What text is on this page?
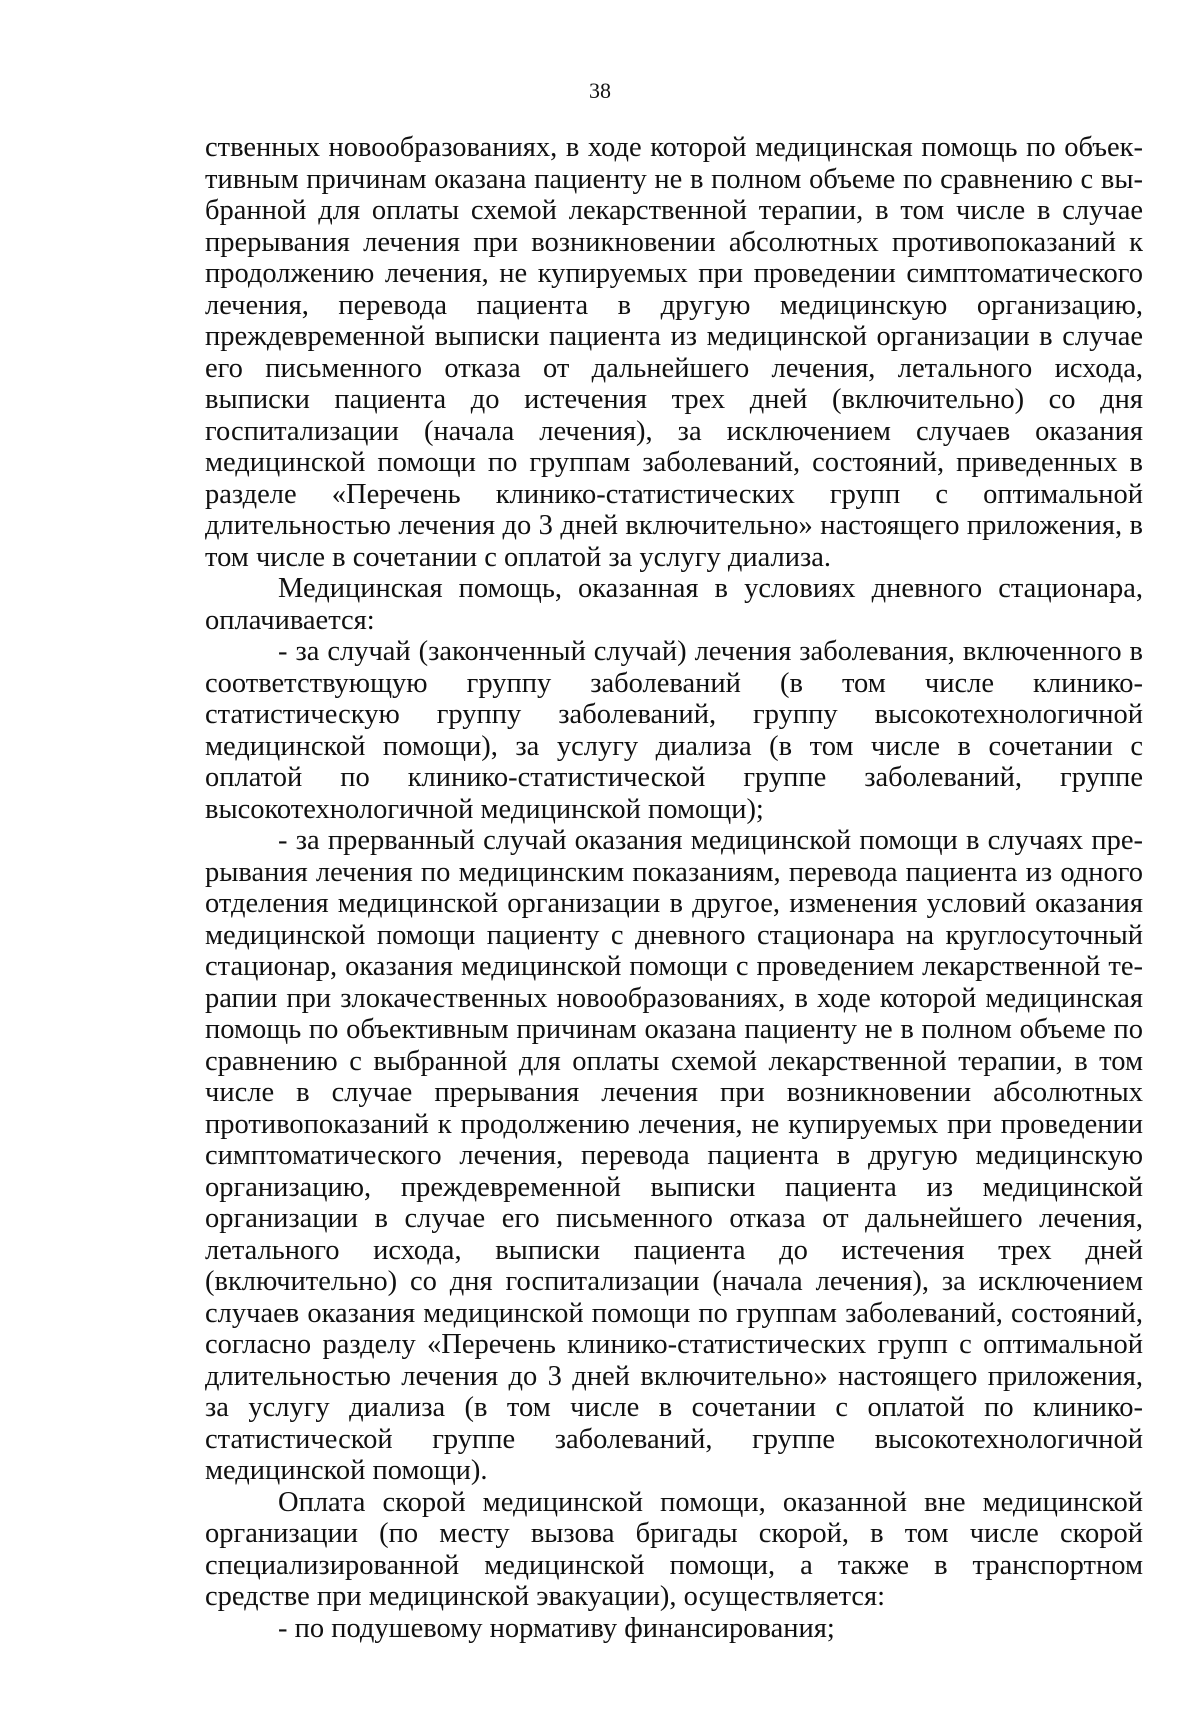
38

ственных новообразованиях, в ходе которой медицинская помощь по объективным причинам оказана пациенту не в полном объеме по сравнению с выбранной для оплаты схемой лекарственной терапии, в том числе в случае прерывания лечения при возникновении абсолютных противопоказаний к продолжению лечения, не купируемых при проведении симптоматического лечения, перевода пациента в другую медицинскую организацию, преждевременной выписки пациента из медицинской организации в случае его письменного отказа от дальнейшего лечения, летального исхода, выписки пациента до истечения трех дней (включительно) со дня госпитализации (начала лечения), за исключением случаев оказания медицинской помощи по группам заболеваний, состояний, приведенных в разделе «Перечень клинико-статистических групп с оптимальной длительностью лечения до 3 дней включительно» настоящего приложения, в том числе в сочетании с оплатой за услугу диализа.

Медицинская помощь, оказанная в условиях дневного стационара, оплачивается:

- за случай (законченный случай) лечения заболевания, включенного в соответствующую группу заболеваний (в том числе клинико-статистическую группу заболеваний, группу высокотехнологичной медицинской помощи), за услугу диализа (в том числе в сочетании с оплатой по клинико-статистической группе заболеваний, группе высокотехнологичной медицинской помощи);

- за прерванный случай оказания медицинской помощи в случаях прерывания лечения по медицинским показаниям, перевода пациента из одного отделения медицинской организации в другое, изменения условий оказания медицинской помощи пациенту с дневного стационара на круглосуточный стационар, оказания медицинской помощи с проведением лекарственной терапии при злокачественных новообразованиях, в ходе которой медицинская помощь по объективным причинам оказана пациенту не в полном объеме по сравнению с выбранной для оплаты схемой лекарственной терапии, в том числе в случае прерывания лечения при возникновении абсолютных противопоказаний к продолжению лечения, не купируемых при проведении симптоматического лечения, перевода пациента в другую медицинскую организацию, преждевременной выписки пациента из медицинской организации в случае его письменного отказа от дальнейшего лечения, летального исхода, выписки пациента до истечения трех дней (включительно) со дня госпитализации (начала лечения), за исключением случаев оказания медицинской помощи по группам заболеваний, состояний, согласно разделу «Перечень клинико-статистических групп с оптимальной длительностью лечения до 3 дней включительно» настоящего приложения, за услугу диализа (в том числе в сочетании с оплатой по клинико-статистической группе заболеваний, группе высокотехнологичной медицинской помощи).

Оплата скорой медицинской помощи, оказанной вне медицинской организации (по месту вызова бригады скорой, в том числе скорой специализированной медицинской помощи, а также в транспортном средстве при медицинской эвакуации), осуществляется:

- по подушевому нормативу финансирования;
